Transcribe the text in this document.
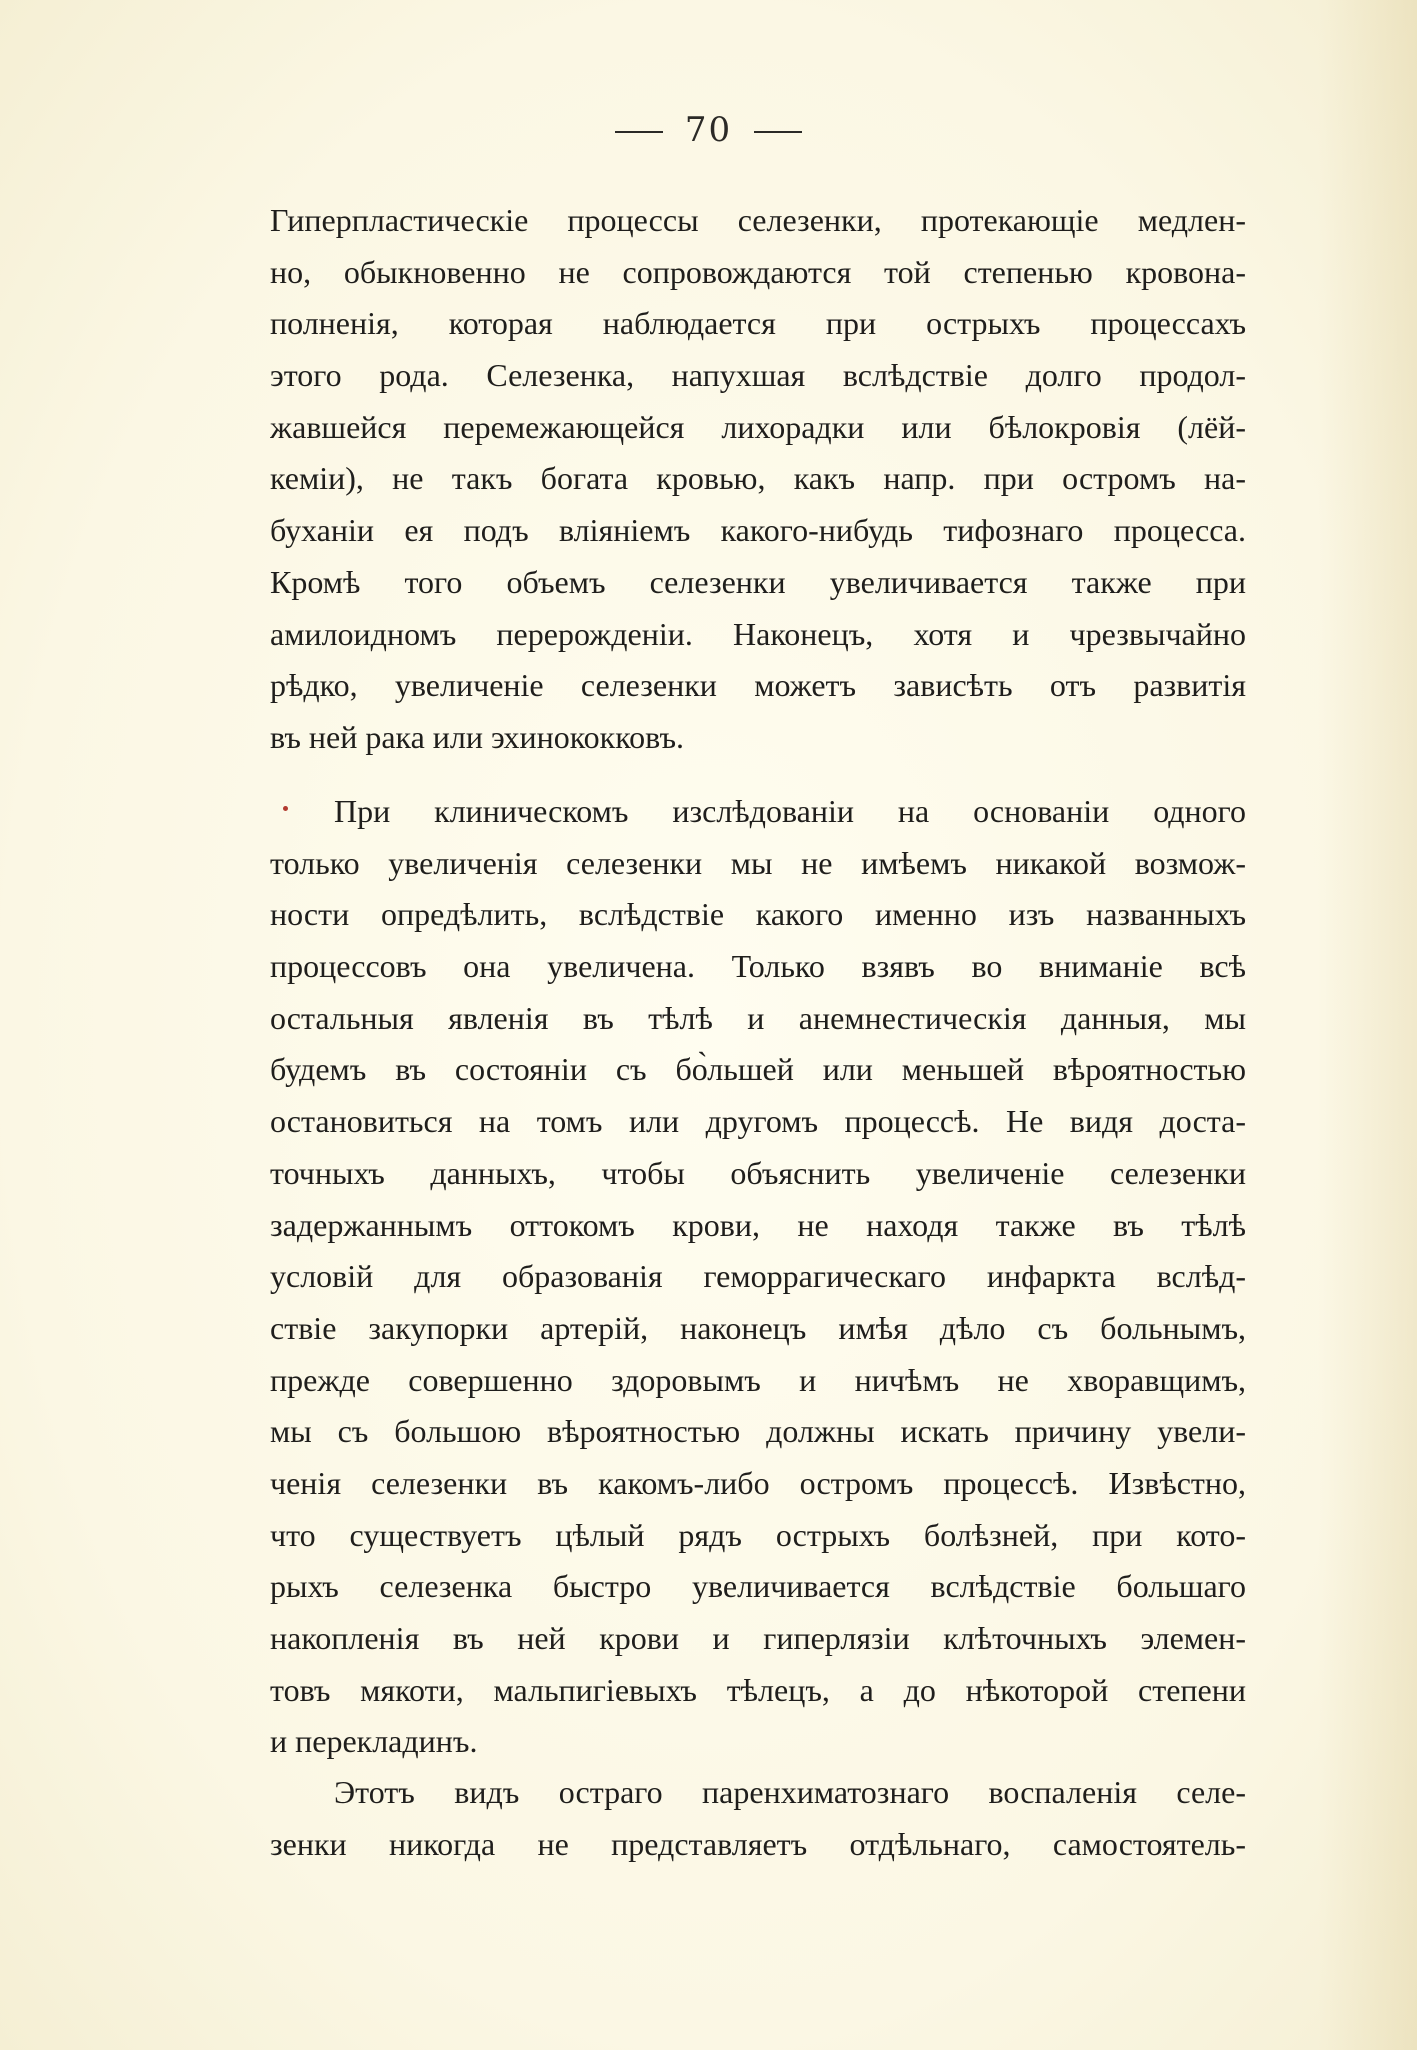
70
Гиперпластическіе процессы селезенки, протекающіе медлен-
но, обыкновенно не сопровождаются той степенью кровона-
полненія, которая наблюдается при острыхъ процессахъ
этого рода. Селезенка, напухшая вслѣдствіе долго продол-
жавшейся перемежающейся лихорадки или бѣлокровія (лёй-
кеміи), не такъ богата кровью, какъ напр. при остромъ на-
буханіи ея подъ вліяніемъ какого-нибудь тифознаго процесса.
Кромѣ того объемъ селезенки увеличивается также при
амилоидномъ перерожденіи. Наконецъ, хотя и чрезвычайно
рѣдко, увеличеніе селезенки можетъ зависѣть отъ развитія
въ ней рака или эхинококковъ.
При клиническомъ изслѣдованіи на основаніи одного
только увеличенія селезенки мы не имѣемъ никакой возмож-
ности опредѣлить, вслѣдствіе какого именно изъ названныхъ
процессовъ она увеличена. Только взявъ во вниманіе всѣ
остальныя явленія въ тѣлѣ и анемнестическія данныя, мы
будемъ въ состояніи съ бо̀льшей или меньшей вѣроятностью
остановиться на томъ или другомъ процессѣ. Не видя доста-
точныхъ данныхъ, чтобы объяснить увеличеніе селезенки
задержаннымъ оттокомъ крови, не находя также въ тѣлѣ
условій для образованія геморрагическаго инфаркта вслѣд-
ствіе закупорки артерій, наконецъ имѣя дѣло съ больнымъ,
прежде совершенно здоровымъ и ничѣмъ не хворавщимъ,
мы съ большою вѣроятностью должны искать причину увели-
ченія селезенки въ какомъ-либо остромъ процессѣ. Извѣстно,
что существуетъ цѣлый рядъ острыхъ болѣзней, при кото-
рыхъ селезенка быстро увеличивается вслѣдствіе большаго
накопленія въ ней крови и гиперлязіи клѣточныхъ элемен-
товъ мякоти, мальпигіевыхъ тѣлецъ, а до нѣкоторой степени
и перекладинъ.
Этотъ видъ остраго паренхиматознаго воспаленія селе-
зенки никогда не представляетъ отдѣльнаго, самостоятель-
